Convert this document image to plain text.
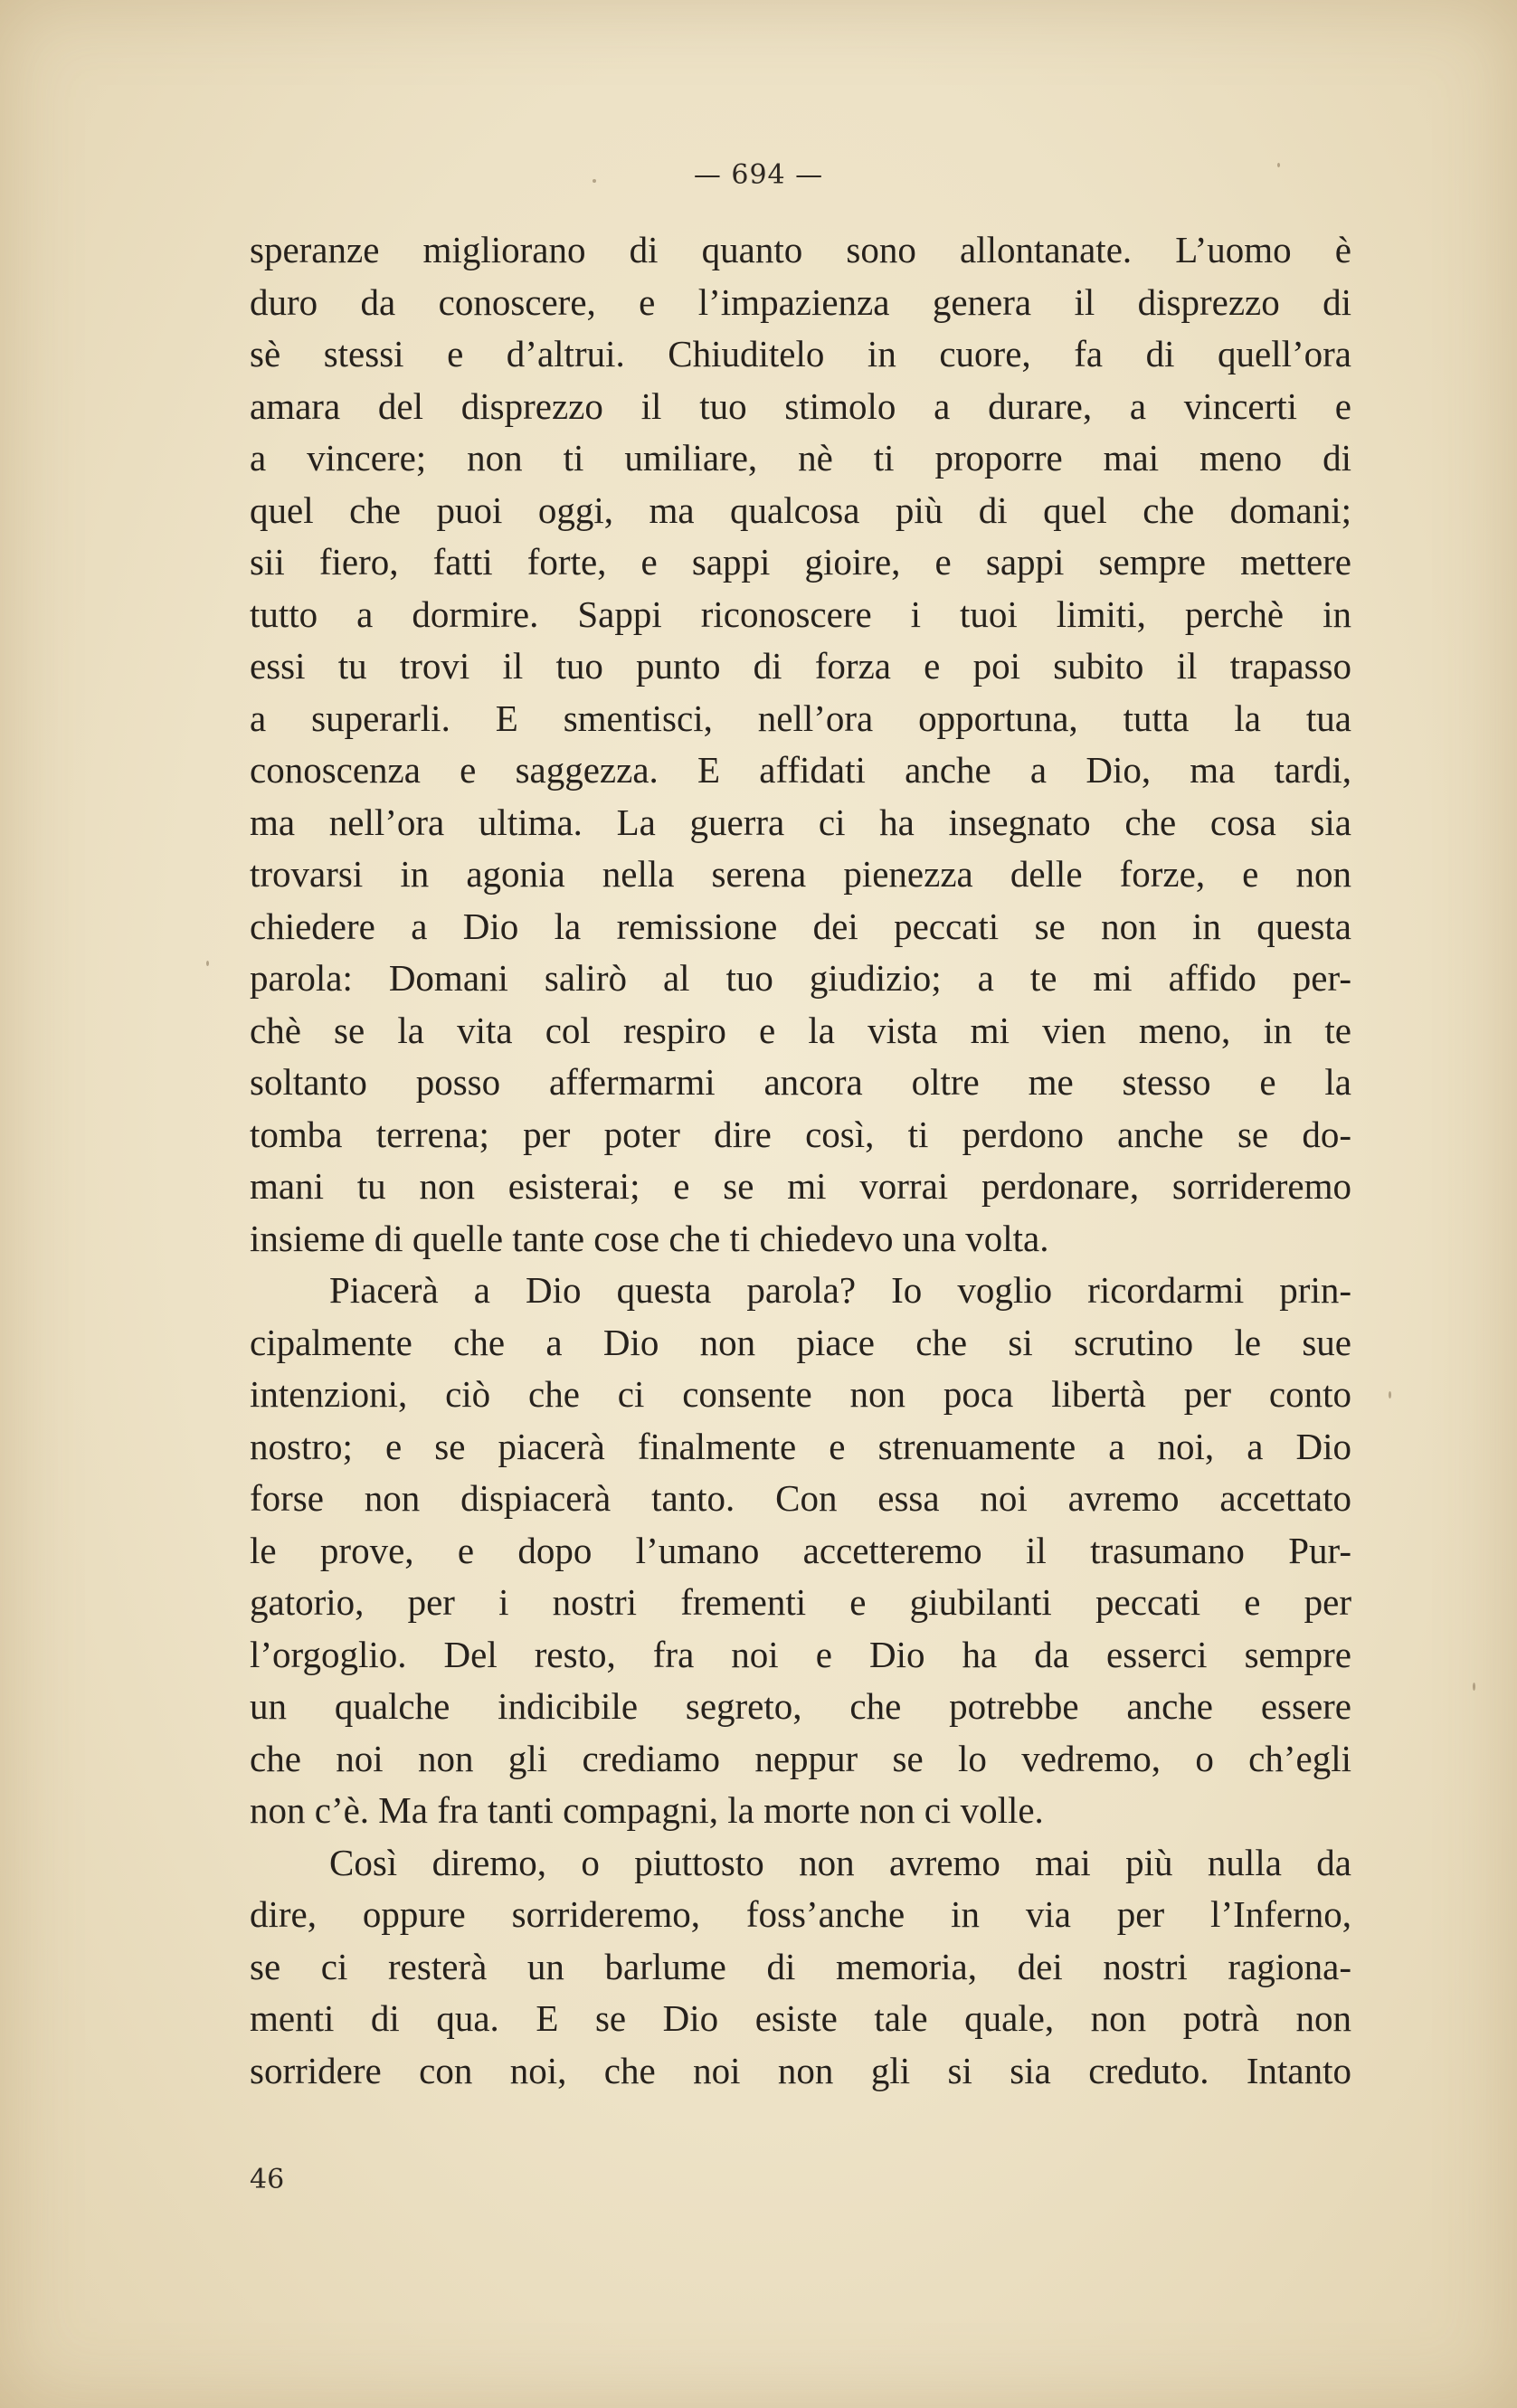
— 694 —
speranze migliorano di quanto sono allontanate. L’uomo è
duro da conoscere, e l’impazienza genera il disprezzo di
sè stessi e d’altrui. Chiuditelo in cuore, fa di quell’ora
amara del disprezzo il tuo stimolo a durare, a vincerti e
a vincere; non ti umiliare, nè ti proporre mai meno di
quel che puoi oggi, ma qualcosa più di quel che domani;
sii fiero, fatti forte, e sappi gioire, e sappi sempre mettere
tutto a dormire. Sappi riconoscere i tuoi limiti, perchè in
essi tu trovi il tuo punto di forza e poi subito il trapasso
a superarli. E smentisci, nell’ora opportuna, tutta la tua
conoscenza e saggezza. E affidati anche a Dio, ma tardi,
ma nell’ora ultima. La guerra ci ha insegnato che cosa sia
trovarsi in agonia nella serena pienezza delle forze, e non
chiedere a Dio la remissione dei peccati se non in questa
parola: Domani salirò al tuo giudizio; a te mi affido per-
chè se la vita col respiro e la vista mi vien meno, in te
soltanto posso affermarmi ancora oltre me stesso e la
tomba terrena; per poter dire così, ti perdono anche se do-
mani tu non esisterai; e se mi vorrai perdonare, sorrideremo
insieme di quelle tante cose che ti chiedevo una volta.
Piacerà a Dio questa parola? Io voglio ricordarmi prin-
cipalmente che a Dio non piace che si scrutino le sue
intenzioni, ciò che ci consente non poca libertà per conto
nostro; e se piacerà finalmente e strenuamente a noi, a Dio
forse non dispiacerà tanto. Con essa noi avremo accettato
le prove, e dopo l’umano accetteremo il trasumano Pur-
gatorio, per i nostri frementi e giubilanti peccati e per
l’orgoglio. Del resto, fra noi e Dio ha da esserci sempre
un qualche indicibile segreto, che potrebbe anche essere
che noi non gli crediamo neppur se lo vedremo, o ch’egli
non c’è. Ma fra tanti compagni, la morte non ci volle.
Così diremo, o piuttosto non avremo mai più nulla da
dire, oppure sorrideremo, foss’anche in via per l’Inferno,
se ci resterà un barlume di memoria, dei nostri ragiona-
menti di qua. E se Dio esiste tale quale, non potrà non
sorridere con noi, che noi non gli si sia creduto. Intanto
46
